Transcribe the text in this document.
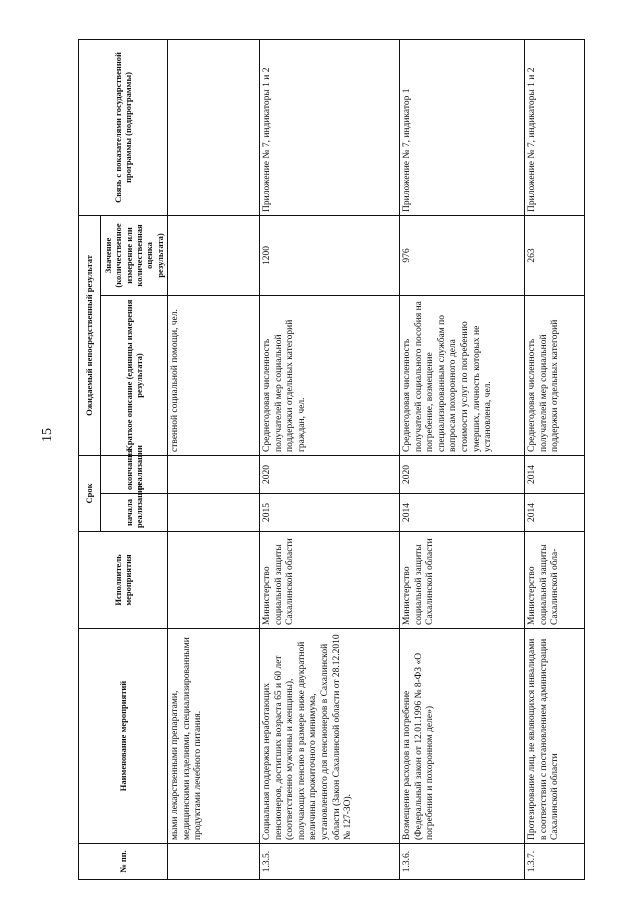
15
№ пп.	Наименование мероприятий	Исполнитель мероприятия	Срок		Ожидаемый непосредственный результат		Связь с показателями государственной программы (подпрограммы)
			начала реализации	окончания реализации	Краткое описание (единицы измерения результата)	Значение (количественное измерение или количественная оценка результата)	
	мыми лекарственными препаратами, медицинскими изделиями, специализированными продуктами лечебного питания.				ственной социальной помощи, чел.		
1.3.5.	Социальная поддержка неработающих пенсионеров, достигших возраста 65 и 60 лет (соответственно мужчины и женщины), получающих пенсию в размере ниже двукратной величины прожиточного минимума, установленного для пенсионеров в Сахалинской области (Закон Сахалинской области от 28.12.2010 № 127-ЗО).	Министерство социальной защиты Сахалинской области	2015	2020	Среднегодовая численность получателей мер социальной поддержки отдельных категорий граждан, чел.	1200	Приложение № 7, индикаторы 1 и 2
1.3.6.	Возмещение расходов на погребение (Федеральный закон от 12.01.1996 № 8-ФЗ «О погребении и похоронном деле»)	Министерство социальной защиты Сахалинской области	2014	2020	Среднегодовая численность получателей социального пособия на погребение, возмещение специализированным службам по вопросам похоронного дела стоимости услуг по погребению умерших, личность которых не установлена, чел.	976	Приложение № 7, индикатор 1
1.3.7.	Протезирование лиц, не являющихся инвалидами в соответствии с постановлением администрации Сахалинской области	Министерство социальной защиты Сахалинской обла-	2014	2014	Среднегодовая численность получателей мер социальной поддержки отдельных категорий	263	Приложение № 7, индикаторы 1 и 2
